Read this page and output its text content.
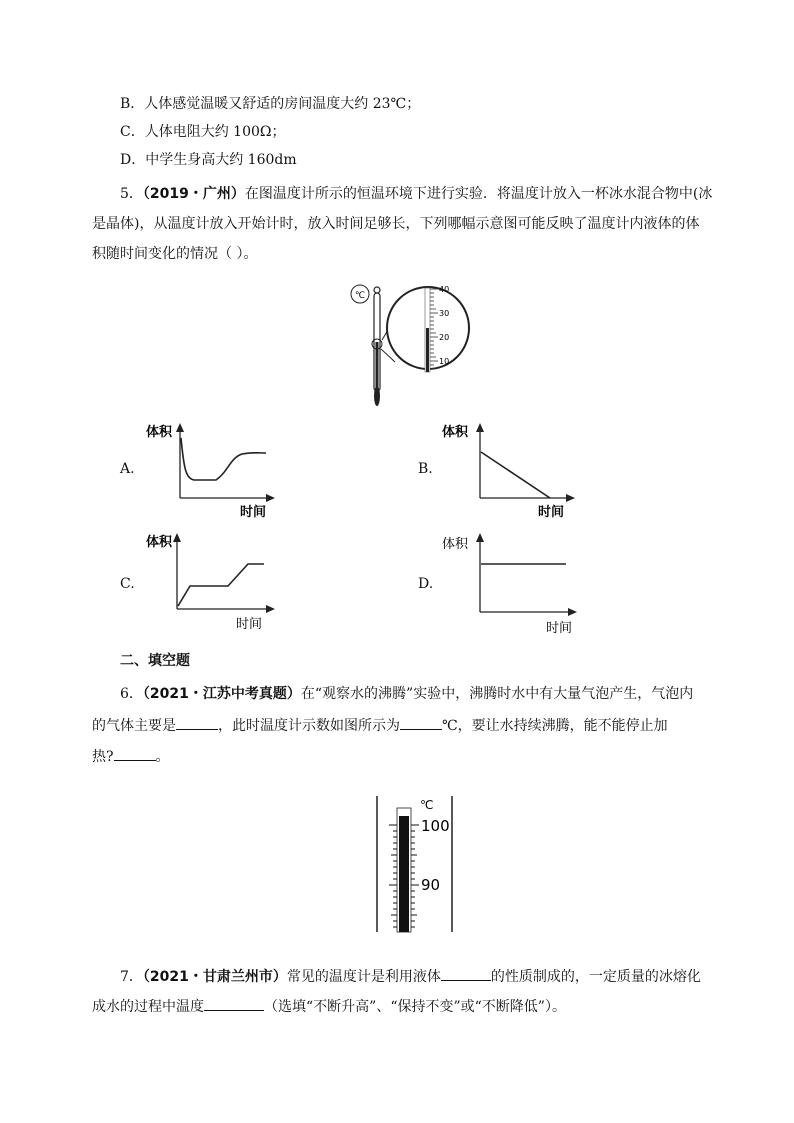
B．人体感觉温暖又舒适的房间温度大约 23℃；
C．人体电阻大约 100Ω；
D．中学生身高大约 160dm
5．（2019・广州）在图温度计所示的恒温环境下进行实验．将温度计放入一杯冰水混合物中(冰
是晶体)，从温度计放入开始计时，放入时间足够长，下列哪幅示意图可能反映了温度计内液体的体
积随时间变化的情况（ ）。
℃
40
30
20
10
A.
体积
时间
B.
体积
时间
C.
体积
时间
D.
体积
时间
二、填空题
6．（2021・江苏中考真题）在“观察水的沸腾”实验中，沸腾时水中有大量气泡产生，气泡内
的气体主要是	，此时温度计示数如图所示为	℃，要让水持续沸腾，能不能停止加
热?	。
℃
100
90
7．（2021・甘肃兰州市）常见的温度计是利用液体	的性质制成的，一定质量的冰熔化
成水的过程中温度	（选填“不断升高”、“保持不变”或“不断降低”）。
